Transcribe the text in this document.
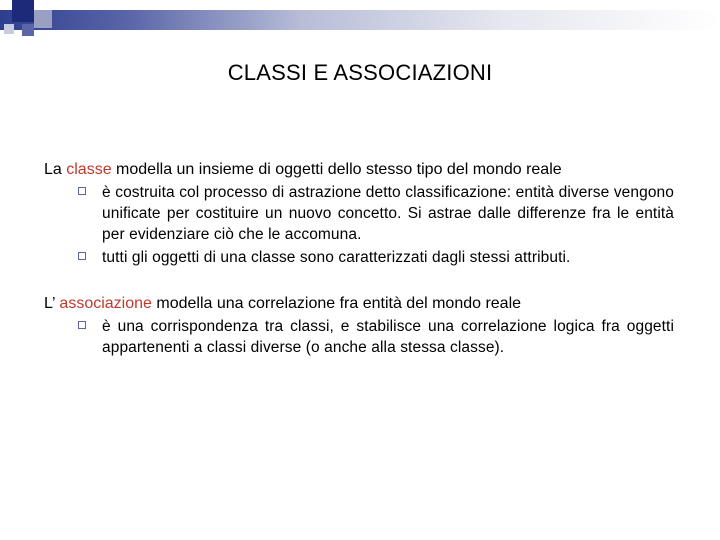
CLASSI E ASSOCIAZIONI

La classe modella un insieme di oggetti dello stesso tipo del mondo reale

è costruita col processo di astrazione detto classificazione: entità diverse vengono unificate per costituire un nuovo concetto. Si astrae dalle differenze fra le entità per evidenziare ciò che le accomuna.
tutti gli oggetti di una classe sono caratterizzati dagli stessi attributi.

L’ associazione modella una correlazione fra entità del mondo reale

è una corrispondenza tra classi, e stabilisce una correlazione logica fra oggetti appartenenti a classi diverse (o anche alla stessa classe).
